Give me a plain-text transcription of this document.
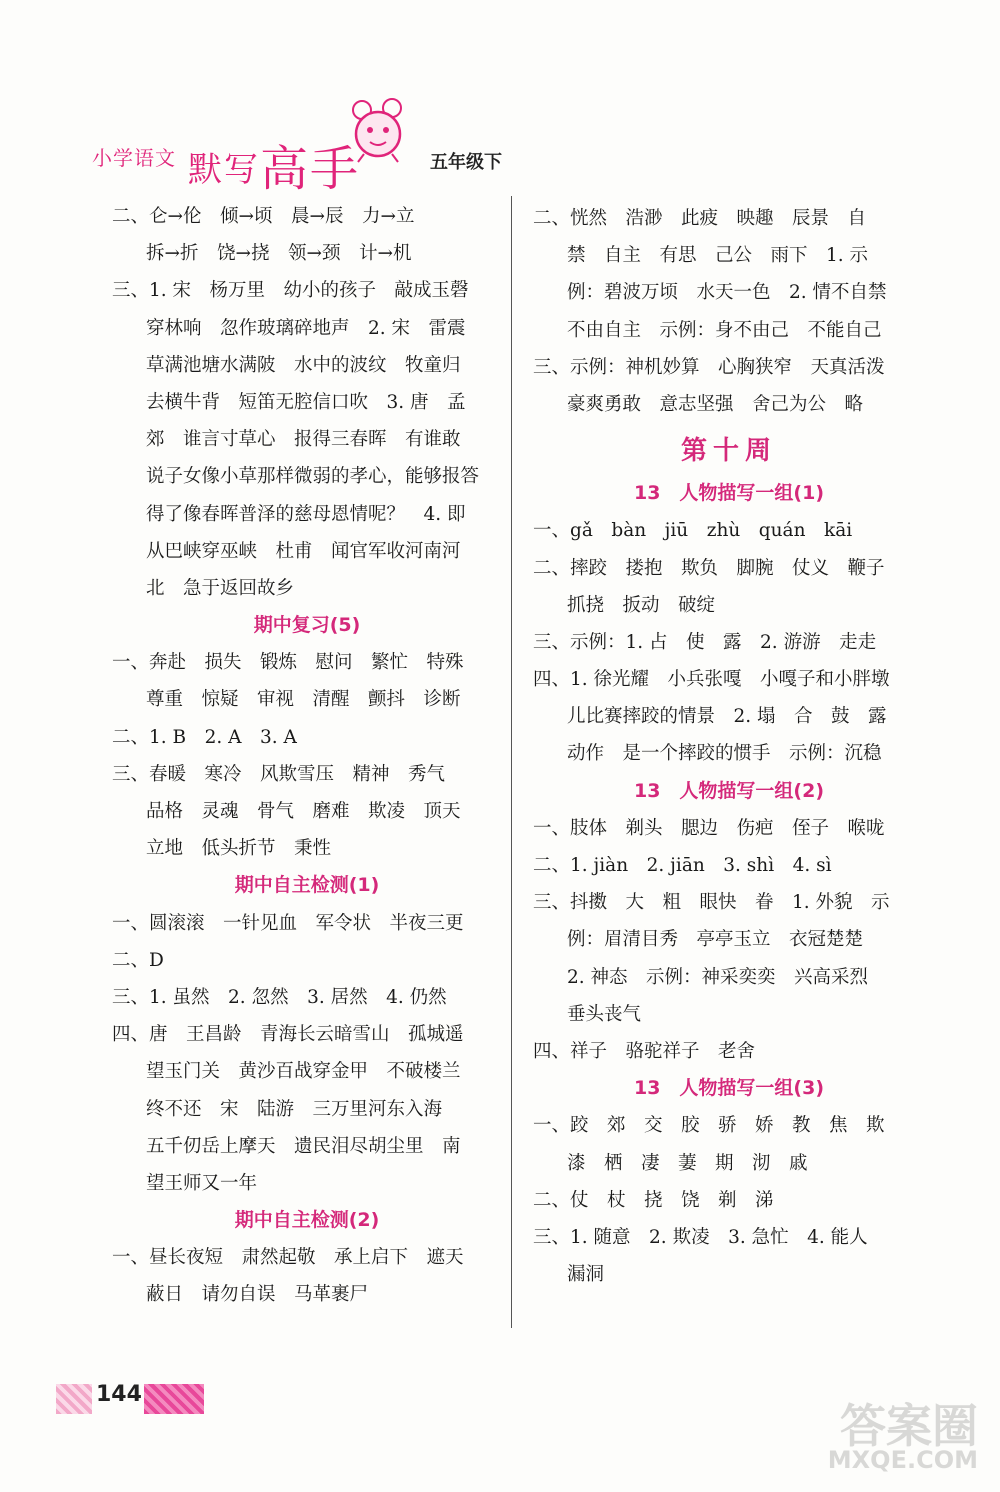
小学语文 默写高手	五年级下
二、仑→伦　倾→顷　晨→辰　力→立
拆→折　饶→挠　领→颈　计→机
三、1. 宋　杨万里　幼小的孩子　敲成玉磬
穿林响　忽作玻璃碎地声　2. 宋　雷震
草满池塘水满陂　水中的波纹　牧童归
去横牛背　短笛无腔信口吹　3. 唐　孟
郊　谁言寸草心　报得三春晖　有谁敢
说子女像小草那样微弱的孝心，能够报答
得了像春晖普泽的慈母恩情呢？　4. 即
从巴峡穿巫峡　杜甫　闻官军收河南河
北　急于返回故乡
期中复习(5)
一、奔赴　损失　锻炼　慰问　繁忙　特殊
尊重　惊疑　审视　清醒　颤抖　诊断
二、1. B　2. A　3. A
三、春暖　寒冷　风欺雪压　精神　秀气
品格　灵魂　骨气　磨难　欺凌　顶天
立地　低头折节　秉性
期中自主检测(1)
一、圆滚滚　一针见血　军令状　半夜三更
二、D
三、1. 虽然　2. 忽然　3. 居然　4. 仍然
四、唐　王昌龄　青海长云暗雪山　孤城遥
望玉门关　黄沙百战穿金甲　不破楼兰
终不还　宋　陆游　三万里河东入海
五千仞岳上摩天　遗民泪尽胡尘里　南
望王师又一年
期中自主检测(2)
一、昼长夜短　肃然起敬　承上启下　遮天
蔽日　请勿自误　马革裹尸
二、恍然　浩渺　此疲　映趣　辰景　自
禁　自主　有思　己公　雨下　1. 示
例：碧波万顷　水天一色　2. 情不自禁
不由自主　示例：身不由己　不能自己
三、示例：神机妙算　心胸狭窄　天真活泼
豪爽勇敢　意志坚强　舍己为公　略
第十周
13　人物描写一组(1)
一、gǎ　bàn　jiū　zhù　quán　kāi
二、摔跤　搂抱　欺负　脚腕　仗义　鞭子
抓挠　扳动　破绽
三、示例：1. 占　使　露　2. 游游　走走
四、1. 徐光耀　小兵张嘎　小嘎子和小胖墩
儿比赛摔跤的情景　2. 塌　合　鼓　露
动作　是一个摔跤的惯手　示例：沉稳
13　人物描写一组(2)
一、肢体　剃头　腮边　伤疤　侄子　喉咙
二、1. jiàn　2. jiān　3. shì　4. sì
三、抖擞　大　粗　眼快　眷　1. 外貌　示
例：眉清目秀　亭亭玉立　衣冠楚楚
2. 神态　示例：神采奕奕　兴高采烈
垂头丧气
四、祥子　骆驼祥子　老舍
13　人物描写一组(3)
一、跤　郊　交　胶　骄　娇　教　焦　欺
漆　栖　凄　萋　期　沏　戚
二、仗　杖　挠　饶　剃　涕
三、1. 随意　2. 欺凌　3. 急忙　4. 能人
漏洞
144
答案圈
MXQE.COM
